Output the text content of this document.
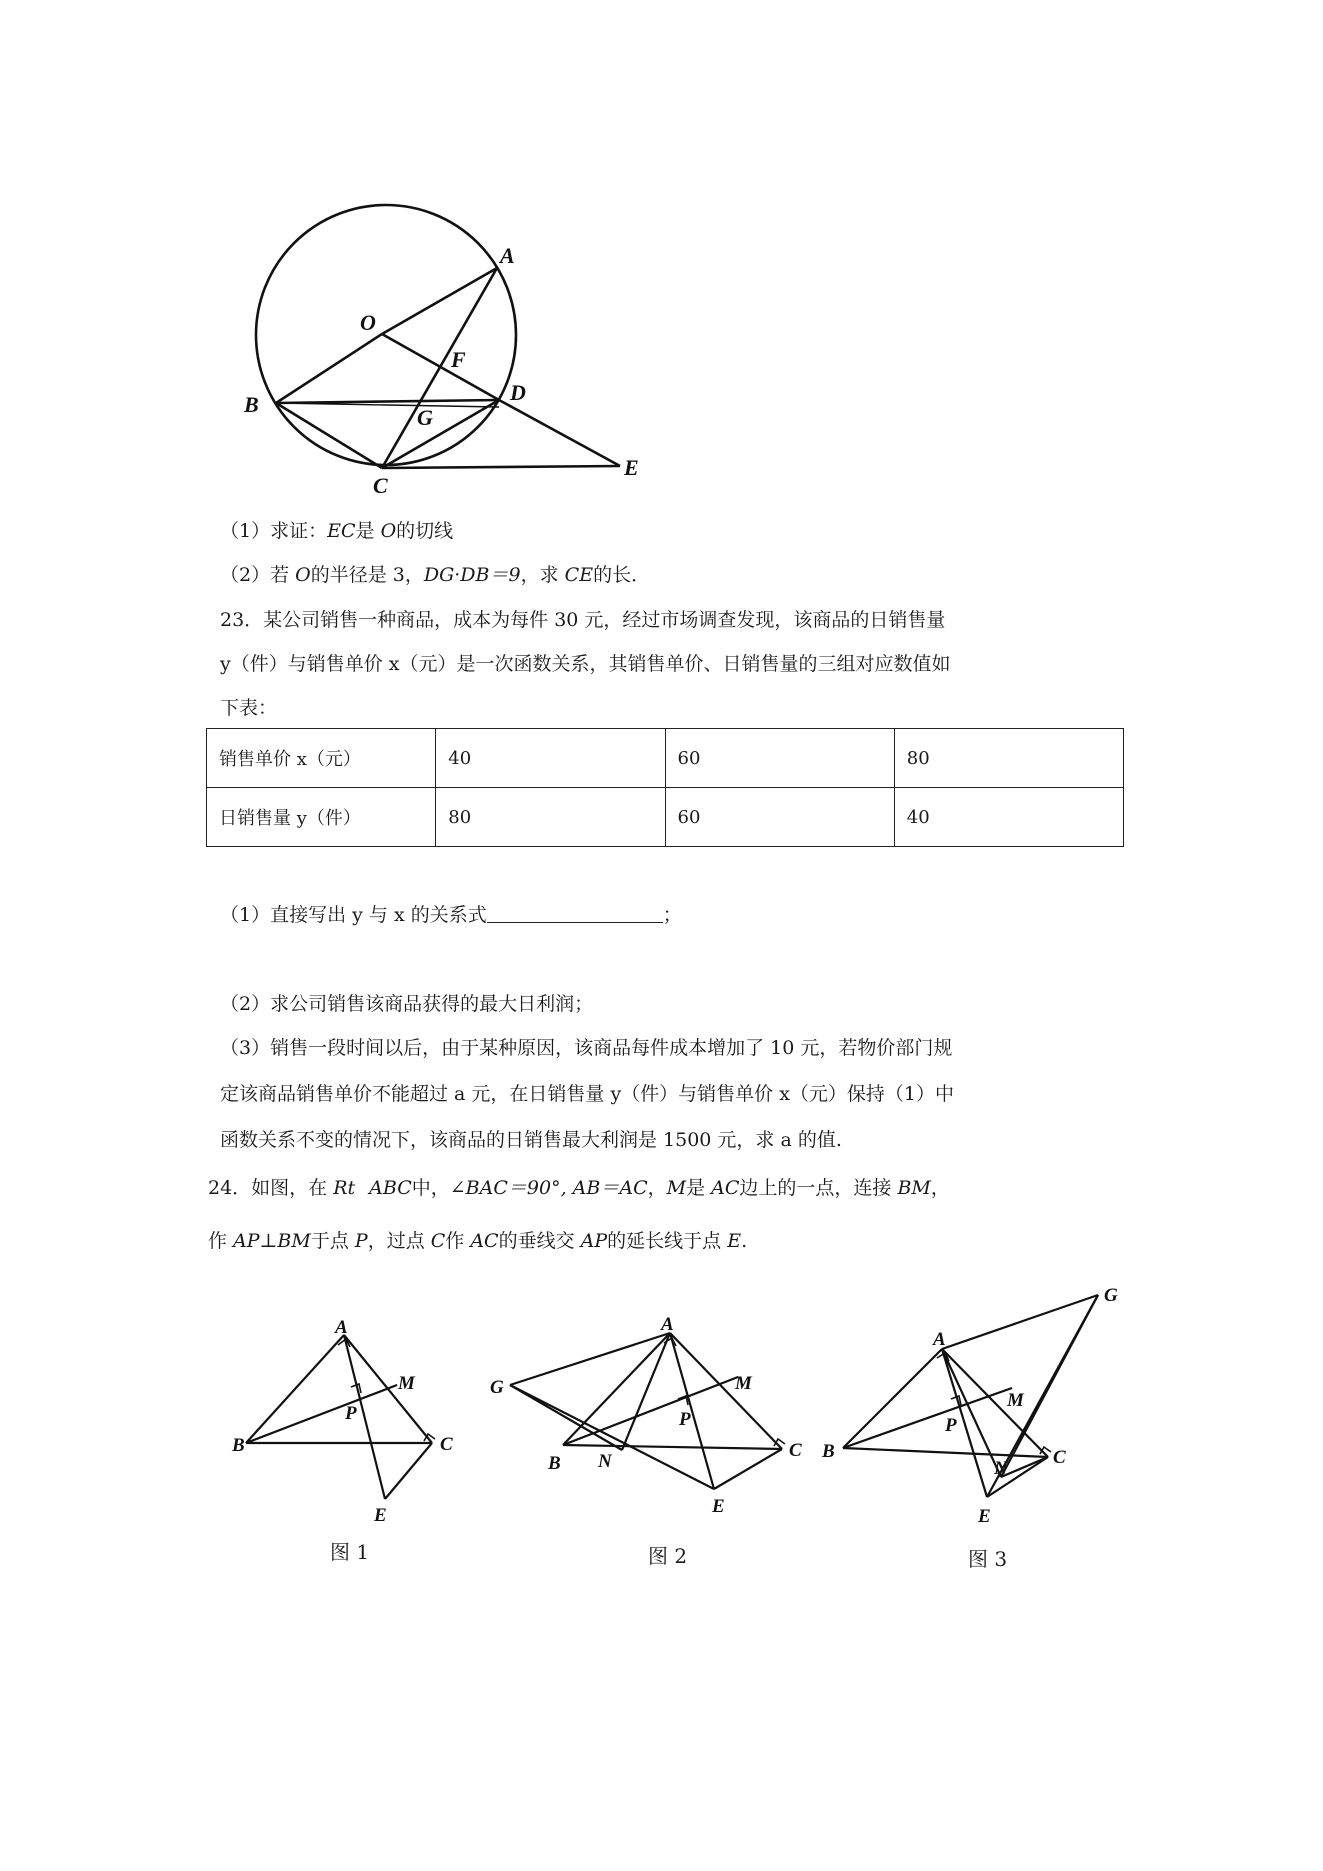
A
O
F
B	D
G
C
E
（1）求证：EC是 O的切线
（2）若 O的半径是 3，DG·DB＝9，求 CE的长．
23．某公司销售一种商品，成本为每件 30 元，经过市场调查发现，该商品的日销售量
y（件）与销售单价 x（元）是一次函数关系，其销售单价、日销售量的三组对应数值如
下表：
销售单价 x（元）	40	60	80
日销售量 y（件）	80	60	40
（1）直接写出 y 与 x 的关系式	；
（2）求公司销售该商品获得的最大日利润；
（3）销售一段时间以后，由于某种原因，该商品每件成本增加了 10 元，若物价部门规
定该商品销售单价不能超过 a 元，在日销售量 y（件）与销售单价 x（元）保持（1）中
函数关系不变的情况下，该商品的日销售最大利润是 1500 元，求 a 的值.
24．如图，在 Rt ABC中，∠BAC＝90°, AB＝AC，M是 AC边上的一点，连接 BM，
作 AP⊥BM于点 P，过点 C作 AC的垂线交 AP的延长线于点 E.
A
M
P
B	C
E
图 1
A
G	M
P
B N
C
E
图 2
G
A
M
P
B
N
C
E
图 3
